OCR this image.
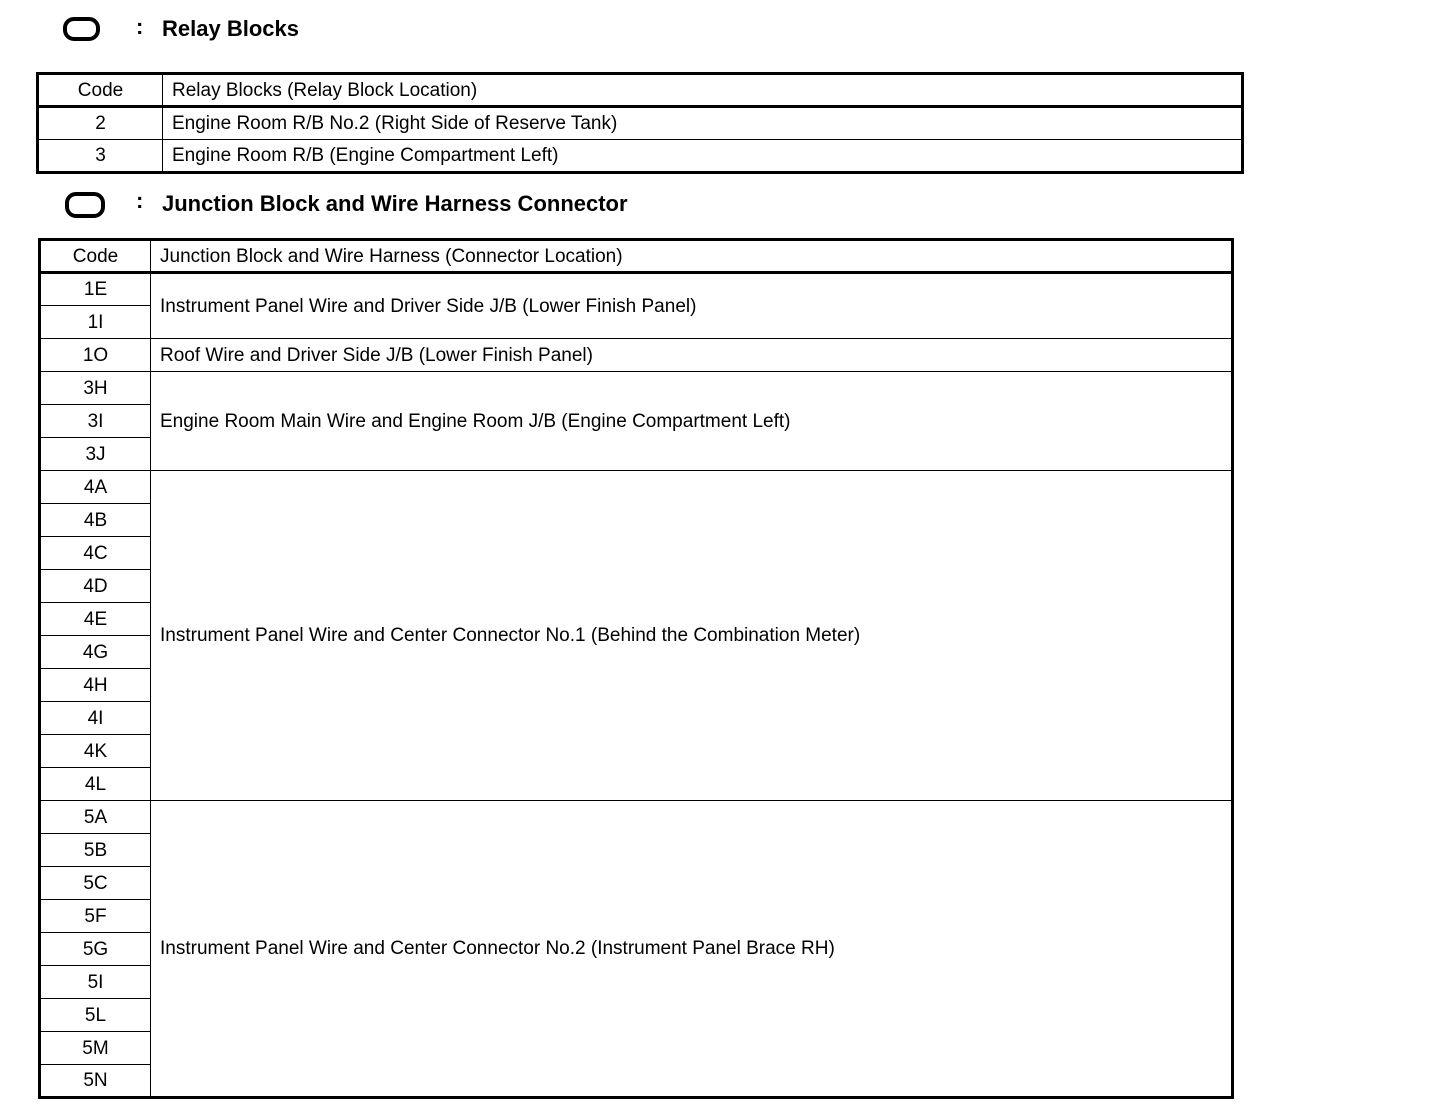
: Relay Blocks
Code	Relay Blocks (Relay Block Location)
2	Engine Room R/B No.2 (Right Side of Reserve Tank)
3	Engine Room R/B (Engine Compartment Left)
: Junction Block and Wire Harness Connector
Code	Junction Block and Wire Harness (Connector Location)
1E	Instrument Panel Wire and Driver Side J/B (Lower Finish Panel)
1I	
1O	Roof Wire and Driver Side J/B (Lower Finish Panel)
3H	Engine Room Main Wire and Engine Room J/B (Engine Compartment Left)
3I	
3J	
4A	Instrument Panel Wire and Center Connector No.1 (Behind the Combination Meter)
4B	
4C	
4D	
4E	
4G	
4H	
4I	
4K	
4L	
5A	Instrument Panel Wire and Center Connector No.2 (Instrument Panel Brace RH)
5B	
5C	
5F	
5G	
5I	
5L	
5M	
5N	
